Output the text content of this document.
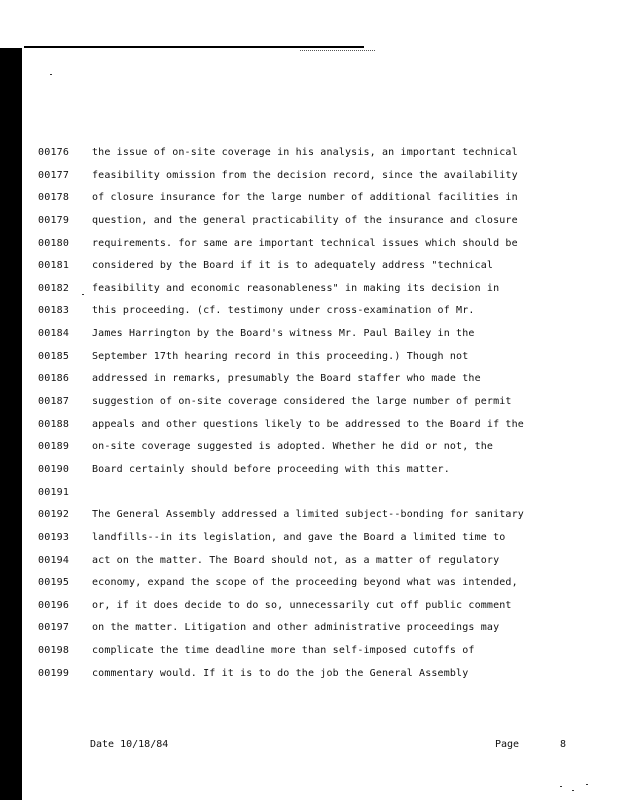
00176	the issue of on-site coverage in his analysis, an important technical
00177	feasibility omission from the decision record, since the availability
00178	of closure insurance for the large number of additional facilities in
00179	question, and the general practicability of the insurance and closure
00180	requirements. for same are important technical issues which should be
00181	considered by the Board if it is to adequately address "technical
00182	feasibility and economic reasonableness" in making its decision in
00183	this proceeding. (cf. testimony under cross-examination of Mr.
00184	James Harrington by the Board's witness Mr. Paul Bailey in the
00185	September 17th hearing record in this proceeding.) Though not
00186	addressed in remarks, presumably the Board staffer who made the
00187	suggestion of on-site coverage considered the large number of permit
00188	appeals and other questions likely to be addressed to the Board if the
00189	on-site coverage suggested is adopted. Whether he did or not, the
00190	Board certainly should before proceeding with this matter.
00191
00192	The General Assembly addressed a limited subject--bonding for sanitary
00193	landfills--in its legislation, and gave the Board a limited time to
00194	act on the matter. The Board should not, as a matter of regulatory
00195	economy, expand the scope of the proceeding beyond what was intended,
00196	or, if it does decide to do so, unnecessarily cut off public comment
00197	on the matter. Litigation and other administrative proceedings may
00198	complicate the time deadline more than self-imposed cutoffs of
00199	commentary would. If it is to do the job the General Assembly
Date 10/18/84	Page	8
